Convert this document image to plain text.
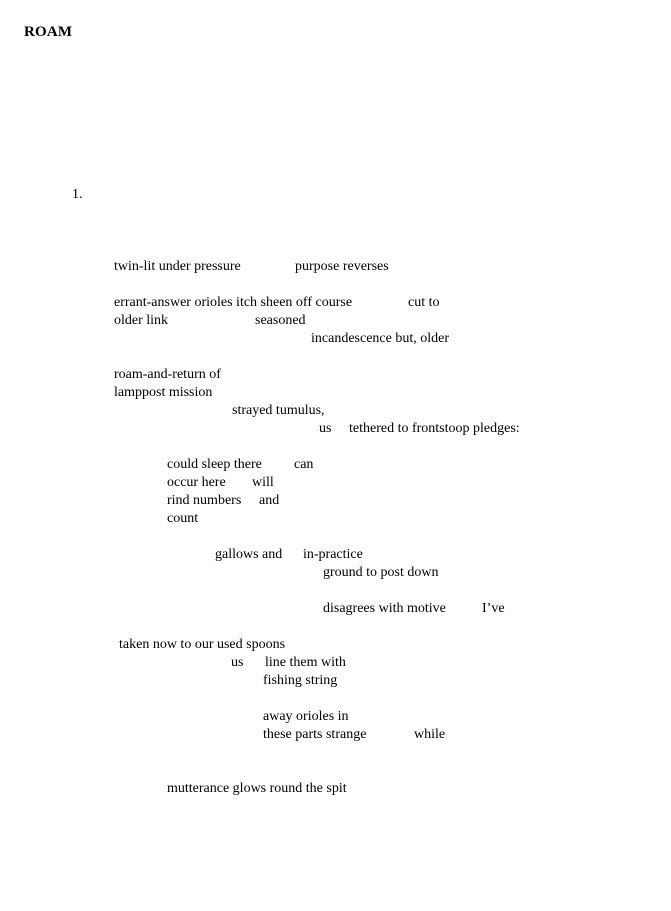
ROAM
1.
twin-lit under pressure	purpose reverses
errant-answer orioles itch sheen off course	cut to
older link	seasoned
incandescence but, older
roam-and-return of
lamppost mission
strayed tumulus,
us tethered to frontstoop pledges:
could sleep there can
occur here will
rind numbers and
count
gallows and in-practice
ground to post down
disagrees with motive	I’ve
taken now to our used spoons
us line them with
fishing string
away orioles in
these parts strange	while
mutterance glows round the spit
